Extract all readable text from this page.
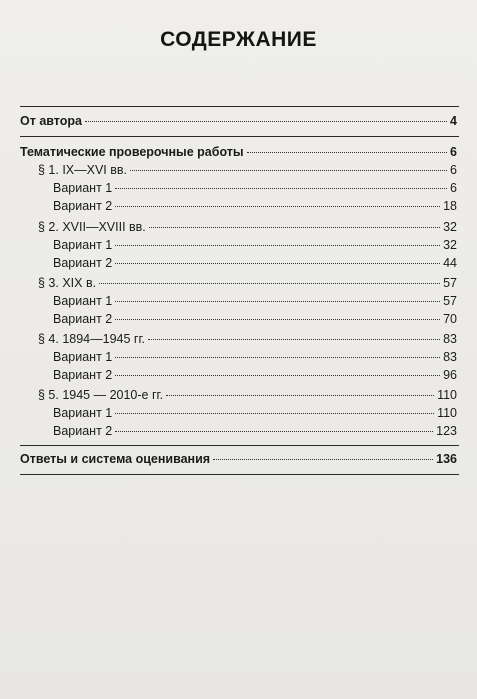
СОДЕРЖАНИЕ
От автора	4
Тематические проверочные работы	6
§ 1. IX—XVI вв.	6
Вариант 1	6
Вариант 2	18
§ 2. XVII—XVIII вв.	32
Вариант 1	32
Вариант 2	44
§ 3. XIX в.	57
Вариант 1	57
Вариант 2	70
§ 4. 1894—1945 гг.	83
Вариант 1	83
Вариант 2	96
§ 5. 1945 — 2010-е гг.	110
Вариант 1	110
Вариант 2	123
Ответы и система оценивания	136
